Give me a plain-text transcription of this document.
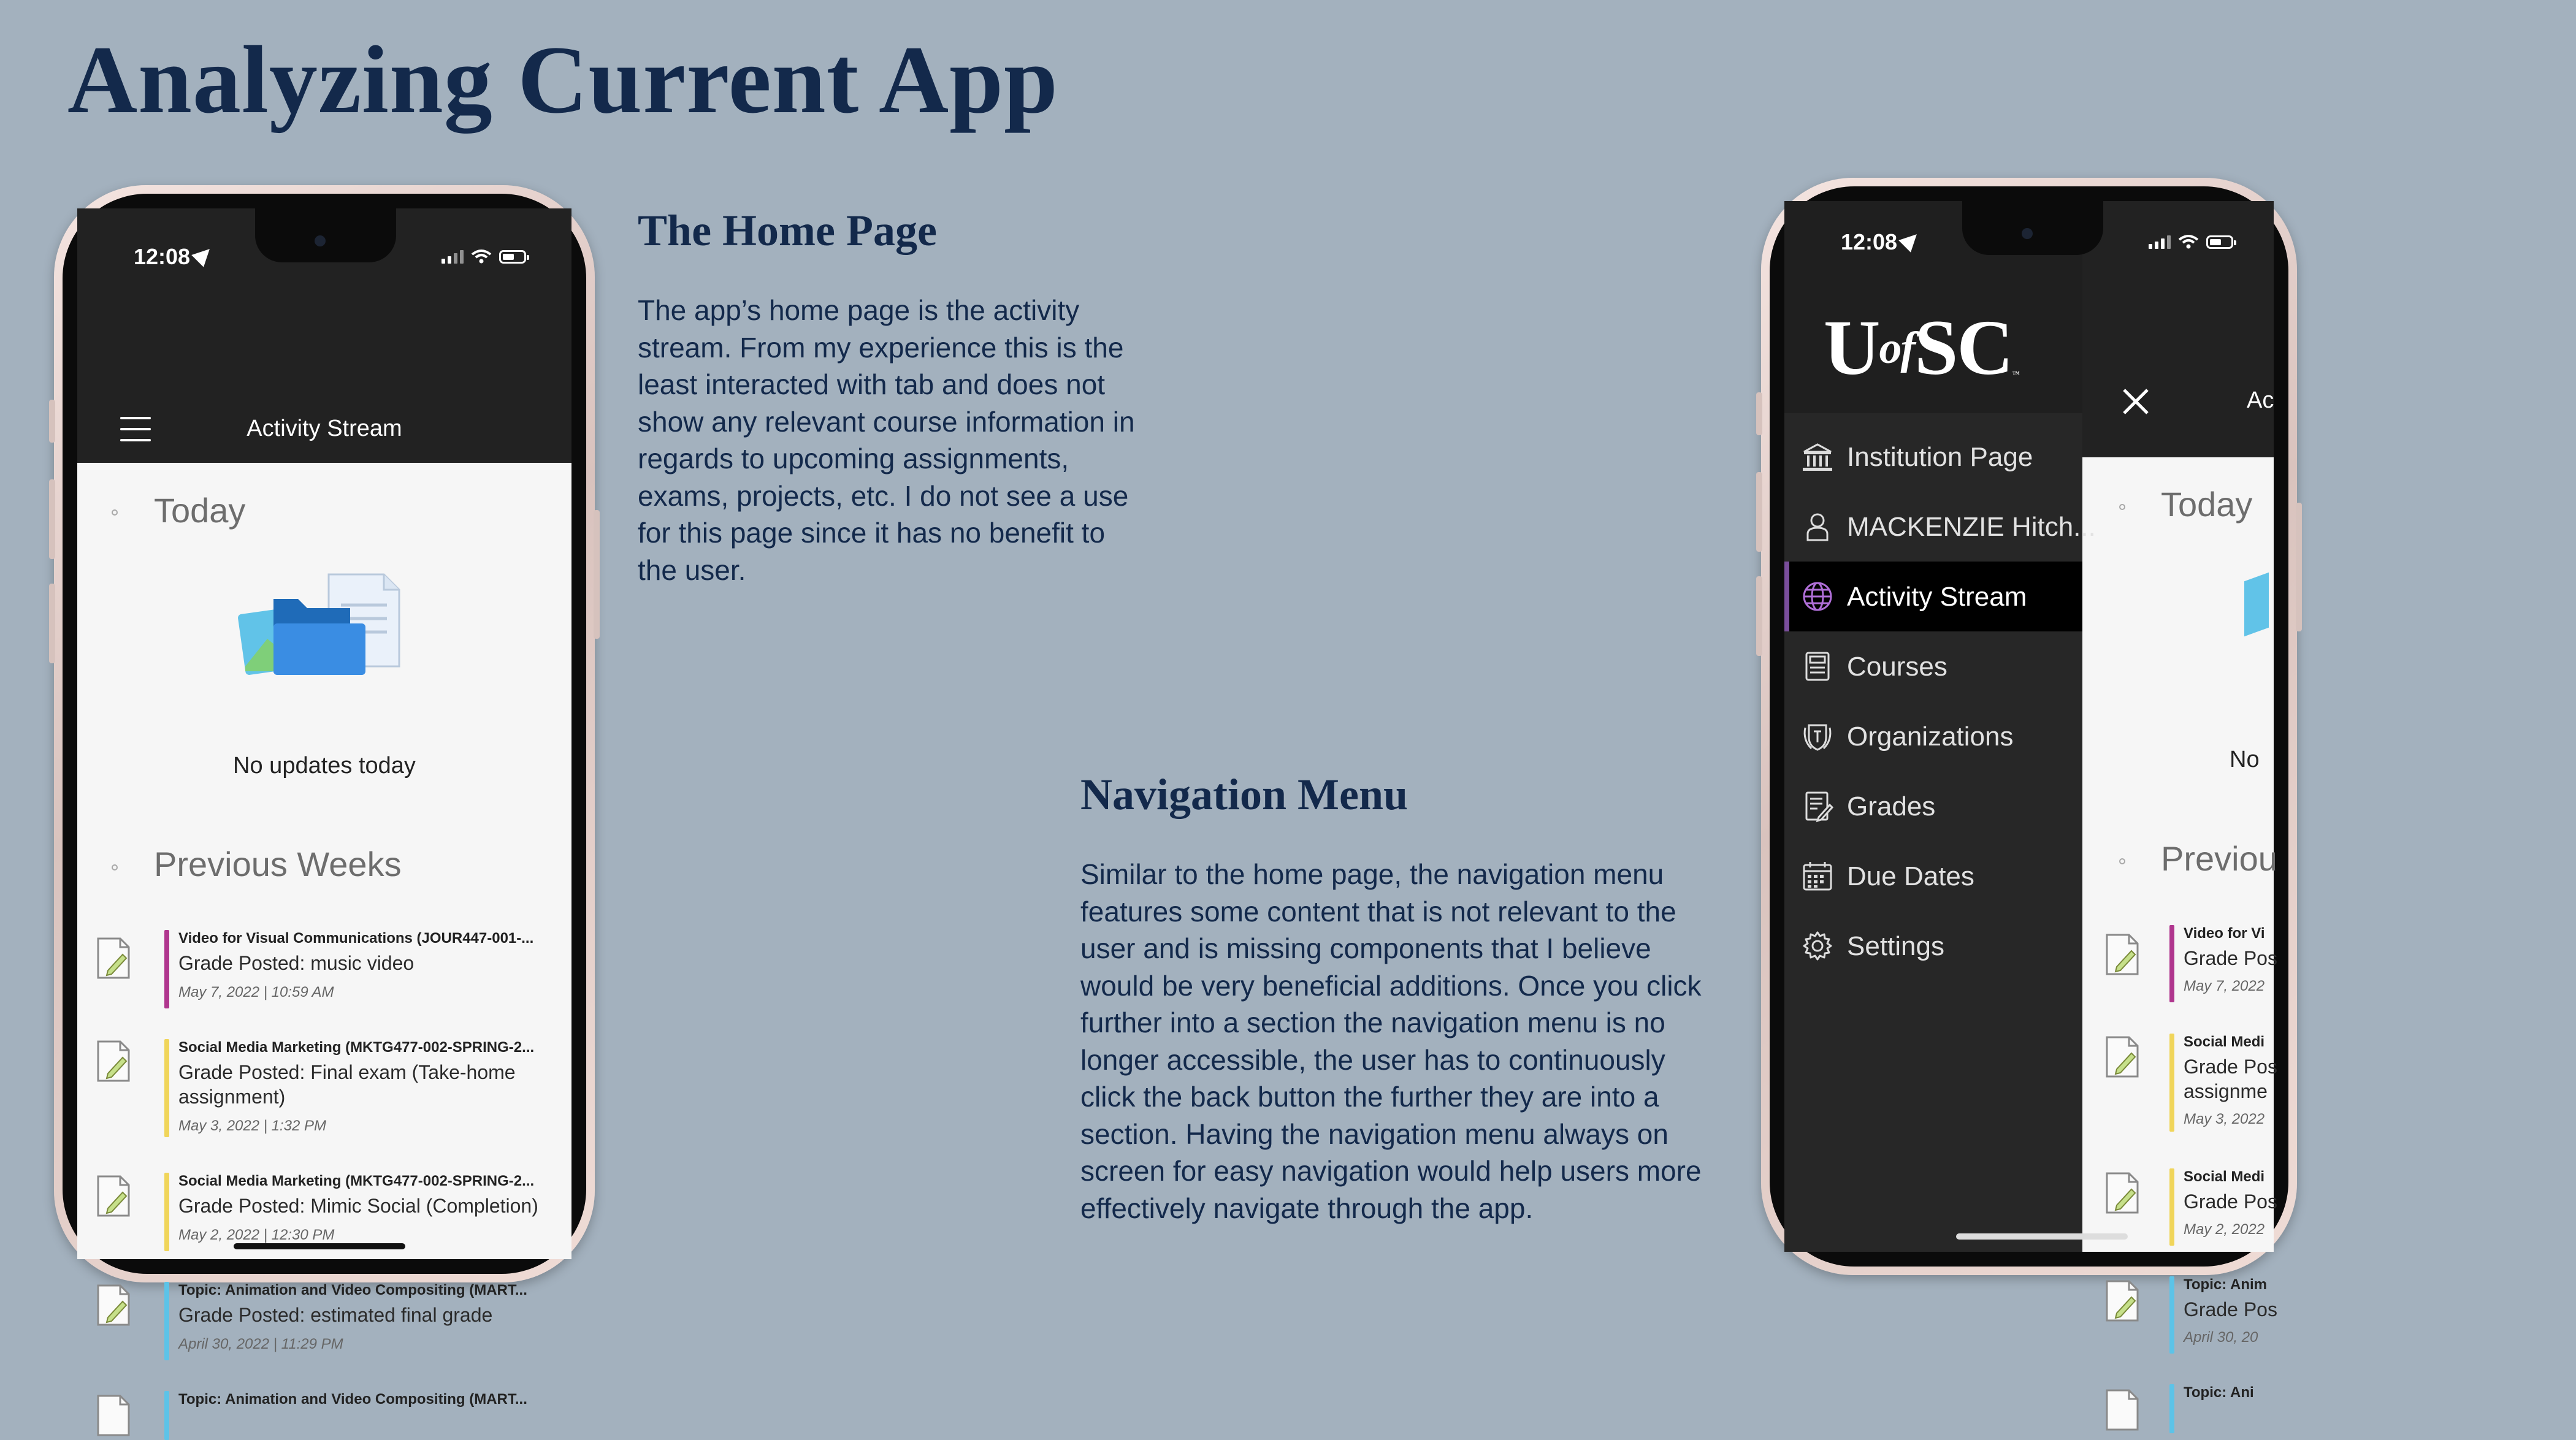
Analyzing Current App
The Home Page

The app’s home page is the activity stream. From my experience this is the least interacted with tab and does not show any relevant course information in regards to upcoming assignments, exams, projects, etc. I do not see a use for this page since it has no benefit to the user.

Navigation Menu

Similar to the home page, the navigation menu features some content that is not relevant to the user and is missing components that I believe would be very beneficial additions. Once you click further into a section the navigation menu is no longer accessible, the user has to continuously click the back button the further they are into a section. Having the navigation menu always on screen for easy navigation would help users more effectively navigate through the app.

12:08
Activity Stream
Today
No updates today
Previous Weeks
Video for Visual Communications (JOUR447-001-...
Grade Posted: music video
May 7, 2022 | 10:59 AM
Social Media Marketing (MKTG477-002-SPRING-2...
Grade Posted: Final exam (Take-home assignment)
May 3, 2022 | 1:32 PM
Social Media Marketing (MKTG477-002-SPRING-2...
Grade Posted: Mimic Social (Completion)
May 2, 2022 | 12:30 PM
Topic: Animation and Video Compositing (MART...
Grade Posted: estimated final grade
April 30, 2022 | 11:29 PM
Topic: Animation and Video Compositing (MART...
Today
No
Previou
Video for Vi
Grade Pos
May 7, 2022
Social Medi
Grade Pos
assignme
May 3, 2022
Social Medi
Grade Pos
May 2, 2022
Topic: Anim
Grade Pos
April 30, 20
Topic: Ani
Ac
UofSC™
Institution Page
MACKENZIE Hitch...
Activity Stream
Courses
Organizations
Grades
Due Dates
Settings
12:08
